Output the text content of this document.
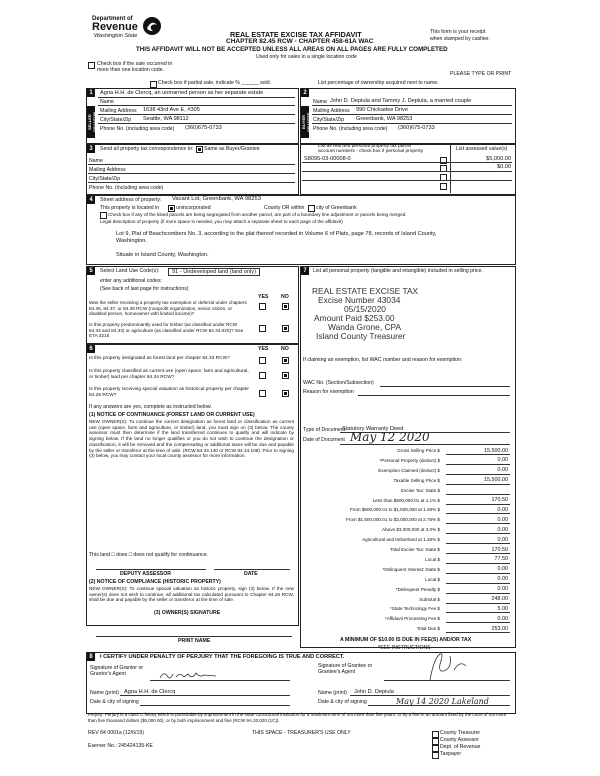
Department of
Revenue
Washington State	REAL ESTATE EXCISE TAX AFFIDAVIT
CHAPTER 82.45 RCW - CHAPTER 458-61A WAC
THIS AFFIDAVIT WILL NOT BE ACCEPTED UNLESS ALL AREAS ON ALL PAGES ARE FULLY COMPLETED
Used only for sales in a single location code
This form is your receipt
when stamped by cashier.
Check box if the sale occurred in
more than one location code.
PLEASE TYPE OR PRINT
Check box if partial sale, indicate % ______ sold.	List percentage of ownership acquired next to name.
1
SELLER GRANTOR
Agna H.H. de Clercq, an unmarried person as her separate estate
Name
Mailing Address 1638 43rd Ave E, #305
City/State/Zip Seattle, WA 98112
Phone No. (including area code) (360)675-0733
2
BUYER GRANTEE
Name John D. Depiula and Tammy J. Depiula, a married couple
Mailing Address 990 Chickadee Drive
City/State/Zip Greenbank, WA 98253
Phone No. (including area code) (360)675-0733
3	Send all property tax correspondence to: Same as Buyer/Grantee
Name
Mailing Address
City/State/Zip
Phone No. (including area code)
List all real and personal property tax parcel
account numbers - check box if personal property	List assessed value(s)
S8095-03-00008-0	$5,000.00
$0.00
4	Street address of property: Vacant Lot, Greenbank, WA 98253
This property is located in	unincorporated	County OR within city of Greenbank
Check box if any of the listed parcels are being segregated from another parcel, are part of a boundary line adjustment or parcels being merged.
Legal description of property (if more space is needed, you may attach a separate sheet to each page of the affidavit)
Lot 9, Plat of Beachcombers No. 3, according to the plat thereof recorded in Volume 6 of Plats, page 78, records of Island County,
Washington.
Situate in Island County, Washington.
5	Select Land Use Code(s):	91 - Undeveloped land (land only)
enter any additional codes:
(See back of last page for instructions)
YES NO
Was the seller receiving a property tax exemption or deferral under chapters 84.36, 84.37, or 84.38 RCW (nonprofit organization, senior citizen, or disabled person, homeowner with limited income)?
Is this property predominantly used for timber (as classified under RCW 84.34 and 84.33) or agriculture (as classified under RCW 84.34.020)? See ETA 3215
6	YES NO
Is this property designated as forest land per chapter 84.33 RCW?
Is this property classified as current use (open space, farm and agricultural, or timber) land per chapter 84.34 RCW?
Is this property receiving special valuation as historical property per chapter 84.26 RCW?
If any answers are yes, complete as instructed below.
(1) NOTICE OF CONTINUANCE (FOREST LAND OR CURRENT USE)
NEW OWNER(S): To continue the current designation as forest land or classification as current use (open space, farm and agriculture, or timber) land, you must sign on (3) below. The county assessor must then determine if the land transferred continues to qualify and will indicate by signing below. If the land no longer qualifies or you do not wish to continue the designation or classification, it will be removed and the compensating or additional taxes will be due and payable by the seller or transferor at the time of sale. (RCW 84.33.140 or RCW 84.34.108). Prior to signing (3) below, you may contact your local county assessor for more information.
This land □ does □ does not qualify for continuance.
DEPUTY ASSESSOR	DATE
(2) NOTICE OF COMPLIANCE (HISTORIC PROPERTY)
NEW OWNER(S): To continue special valuation as historic property, sign (3) below. If the new owner(s) does not wish to continue, all additional tax calculated pursuant to Chapter 84.26 RCW, shall be due and payable by the seller or transferor at the time of sale.
(3) OWNER(S) SIGNATURE
PRINT NAME
7	List all personal property (tangible and intangible) included in selling price.
REAL ESTATE EXCISE TAX
Excise Number 43034
05/15/2020
Amount Paid $253.00
Wanda Grone, CPA
Island County Treasurer
If claiming an exemption, list WAC number and reason for exemption:
WAC No. (Section/Subsection)
Reason for exemption
Type of Document
Statutory Warranty Deed
Date of Document May 12 2020
Gross Selling Price $	15,500.00
*Personal Property (deduct) $	0.00
Exemption Claimed (deduct) $	0.00
Taxable Selling Price $	15,500.00
Excise Tax: State $
Less than $500,000.01 at 1.1% $	170.50
From $500,000.01 to $1,500,000 at 1.28% $	0.00
From $1,500,000.01 to $3,000,000 at 2.75% $	0.00
Above $3,000,000 at 3.0% $	0.00
Agricultural and timberland at 1.28% $	0.00
Total Excise Tax: State $	170.50
Local $	77.50
*Delinquent Interest: State $	0.00
Local $	0.00
*Delinquent Penalty $	0.00
Subtotal $	248.00
*State Technology Fee $	5.00
*Affidavit Processing Fee $	0.00
Total Due $	253.00
A MINIMUM OF $10.00 IS DUE IN FEE(S) AND/OR TAX
*SEE INSTRUCTIONS
8	I CERTIFY UNDER PENALTY OF PERJURY THAT THE FOREGOING IS TRUE AND CORRECT.
Signature of Grantor or Grantor's Agent
Name (print) Agna H.H. de Clercq
Date & city of signing
Signature of Grantee or Grantee's Agent
Name (print) John D. Depiula
Date & city of signing	May 14 2020 Lakeland
Perjury: Perjury is a class C felony which is punishable by imprisonment in the state correctional institution for a maximum term of not more than five years, or by a fine in an amount fixed by the court of not more than five thousand dollars ($5,000.00), or by both imprisonment and fine (RCW 9A.20.020 (1C)).
REV 84 0001a (12/6/19)	THIS SPACE - TREASURER'S USE ONLY
Eserver No.: 245424135-KE
County Treasurer
County Assessor
Dept. of Revenue
Taxpayer
